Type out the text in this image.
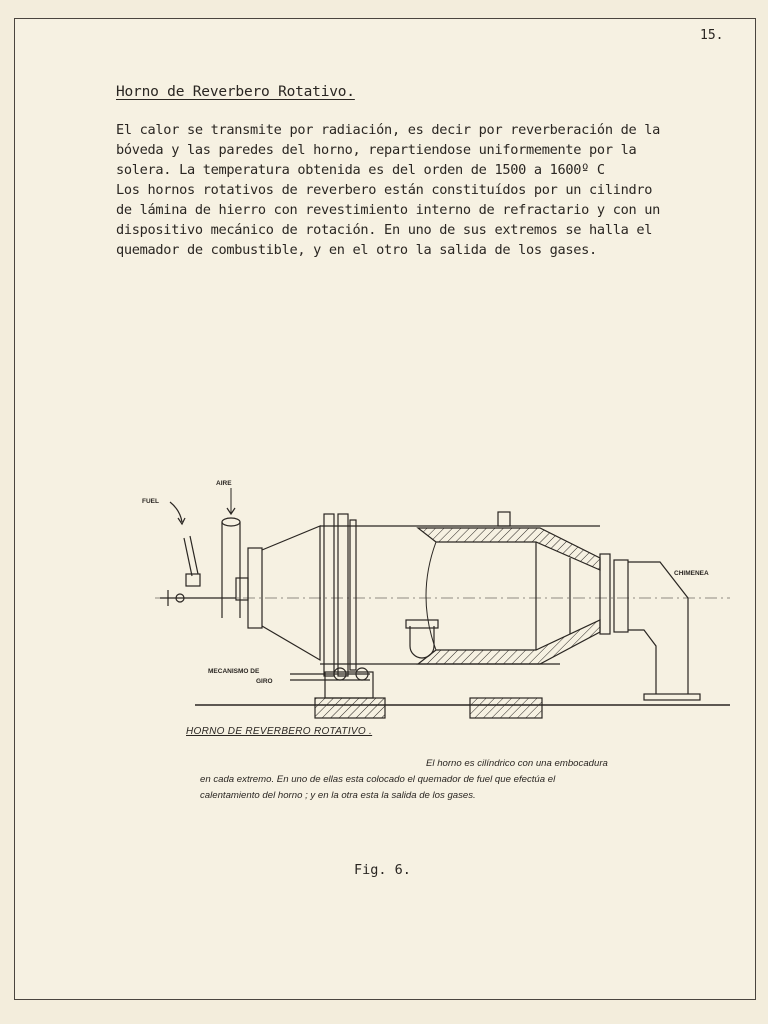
15.
Horno de Reverbero Rotativo.
El calor se transmite por radiación, es decir por reverberación de la
bóveda y las paredes del horno, repartiendose uniformemente por la
solera. La temperatura obtenida es del orden de 1500 a 1600º C
Los hornos rotativos de reverbero están constituídos por un cilindro
de lámina de hierro con revestimiento interno de refractario y con un
dispositivo mecánico de rotación. En uno de sus extremos se halla el
quemador de combustible, y en el otro la salida de los gases.
AIRE
FUEL
MECANISMO DE
GIRO
CHIMENEA
HORNO DE REVERBERO ROTATIVO .
El horno es cilíndrico con una embocadura
en cada extremo. En uno de ellas esta colocado el quemador de fuel que efectúa el
calentamiento del horno ; y en la otra esta la salida de los gases.
Fig. 6.
